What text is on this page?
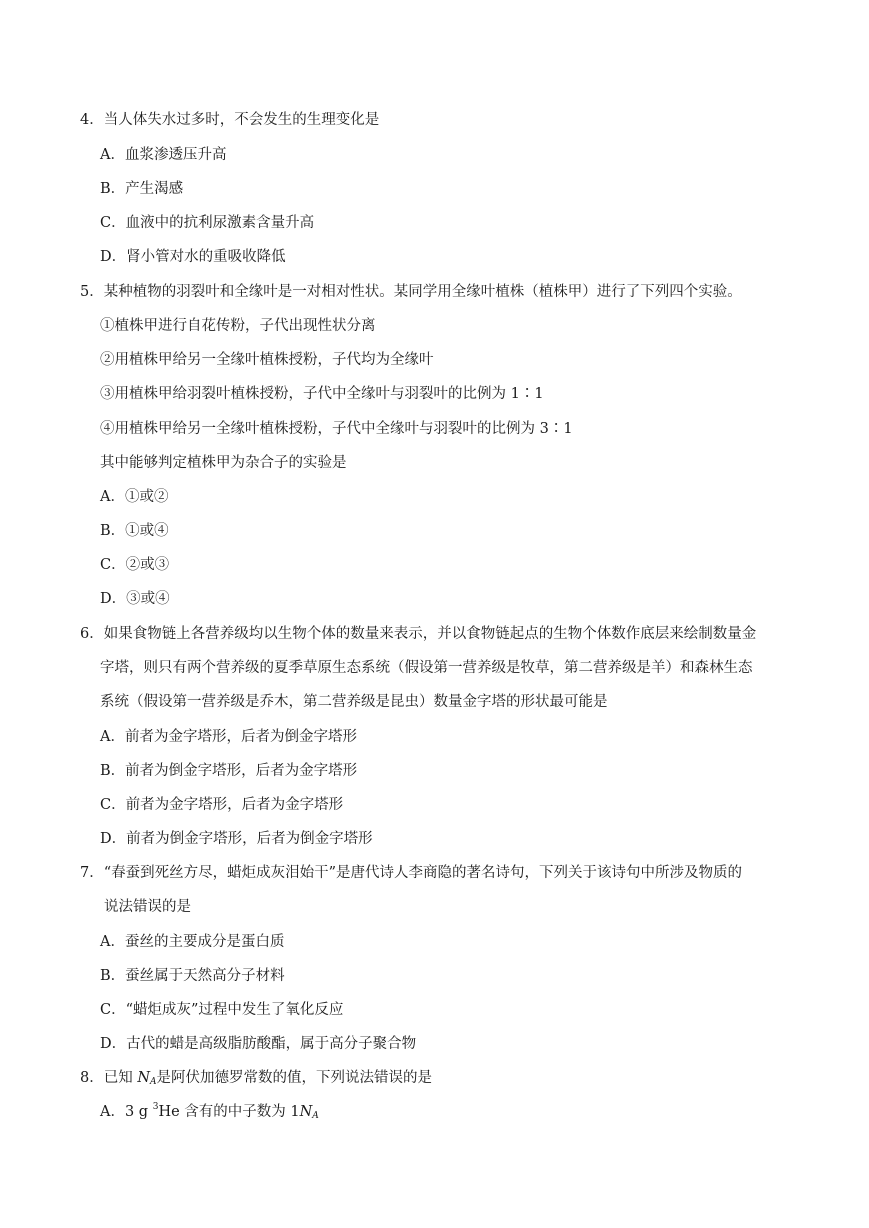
4．当人体失水过多时，不会发生的生理变化是
A．血浆渗透压升高
B．产生渴感
C．血液中的抗利尿激素含量升高
D．肾小管对水的重吸收降低
5．某种植物的羽裂叶和全缘叶是一对相对性状。某同学用全缘叶植株（植株甲）进行了下列四个实验。
①植株甲进行自花传粉，子代出现性状分离
②用植株甲给另一全缘叶植株授粉，子代均为全缘叶
③用植株甲给羽裂叶植株授粉，子代中全缘叶与羽裂叶的比例为 1∶1
④用植株甲给另一全缘叶植株授粉，子代中全缘叶与羽裂叶的比例为 3∶1
其中能够判定植株甲为杂合子的实验是
A．①或②
B．①或④
C．②或③
D．③或④
6．如果食物链上各营养级均以生物个体的数量来表示，并以食物链起点的生物个体数作底层来绘制数量金
字塔，则只有两个营养级的夏季草原生态系统（假设第一营养级是牧草，第二营养级是羊）和森林生态
系统（假设第一营养级是乔木，第二营养级是昆虫）数量金字塔的形状最可能是
A．前者为金字塔形，后者为倒金字塔形
B．前者为倒金字塔形，后者为金字塔形
C．前者为金字塔形，后者为金字塔形
D．前者为倒金字塔形，后者为倒金字塔形
7．“春蚕到死丝方尽，蜡炬成灰泪始干”是唐代诗人李商隐的著名诗句，下列关于该诗句中所涉及物质的
说法错误的是
A．蚕丝的主要成分是蛋白质
B．蚕丝属于天然高分子材料
C．“蜡炬成灰”过程中发生了氧化反应
D．古代的蜡是高级脂肪酸酯，属于高分子聚合物
8．已知 NA是阿伏加德罗常数的值，下列说法错误的是
A．3 g $^3$He 含有的中子数为 1NA
